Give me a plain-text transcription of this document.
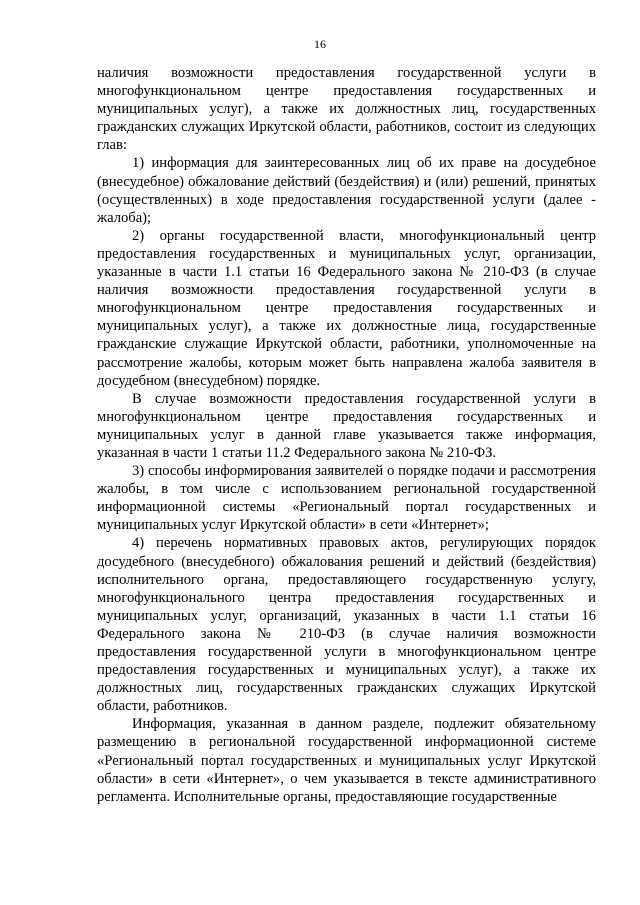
16

наличия возможности предоставления государственной услуги в многофункциональном центре предоставления государственных и муниципальных услуг), а также их должностных лиц, государственных гражданских служащих Иркутской области, работников, состоит из следующих глав:

1) информация для заинтересованных лиц об их праве на досудебное (внесудебное) обжалование действий (бездействия) и (или) решений, принятых (осуществленных) в ходе предоставления государственной услуги (далее - жалоба);

2) органы государственной власти, многофункциональный центр предоставления государственных и муниципальных услуг, организации, указанные в части 1.1 статьи 16 Федерального закона № 210-ФЗ (в случае наличия возможности предоставления государственной услуги в многофункциональном центре предоставления государственных и муниципальных услуг), а также их должностные лица, государственные гражданские служащие Иркутской области, работники, уполномоченные на рассмотрение жалобы, которым может быть направлена жалоба заявителя в досудебном (внесудебном) порядке.

В случае возможности предоставления государственной услуги в многофункциональном центре предоставления государственных и муниципальных услуг в данной главе указывается также информация, указанная в части 1 статьи 11.2 Федерального закона № 210-ФЗ.

3) способы информирования заявителей о порядке подачи и рассмотрения жалобы, в том числе с использованием региональной государственной информационной системы «Региональный портал государственных и муниципальных услуг Иркутской области» в сети «Интернет»;

4) перечень нормативных правовых актов, регулирующих порядок досудебного (внесудебного) обжалования решений и действий (бездействия) исполнительного органа, предоставляющего государственную услугу, многофункционального центра предоставления государственных и муниципальных услуг, организаций, указанных в части 1.1 статьи 16 Федерального закона № 210-ФЗ (в случае наличия возможности предоставления государственной услуги в многофункциональном центре предоставления государственных и муниципальных услуг), а также их должностных лиц, государственных гражданских служащих Иркутской области, работников.

Информация, указанная в данном разделе, подлежит обязательному размещению в региональной государственной информационной системе «Региональный портал государственных и муниципальных услуг Иркутской области» в сети «Интернет», о чем указывается в тексте административного регламента. Исполнительные органы, предоставляющие государственные
